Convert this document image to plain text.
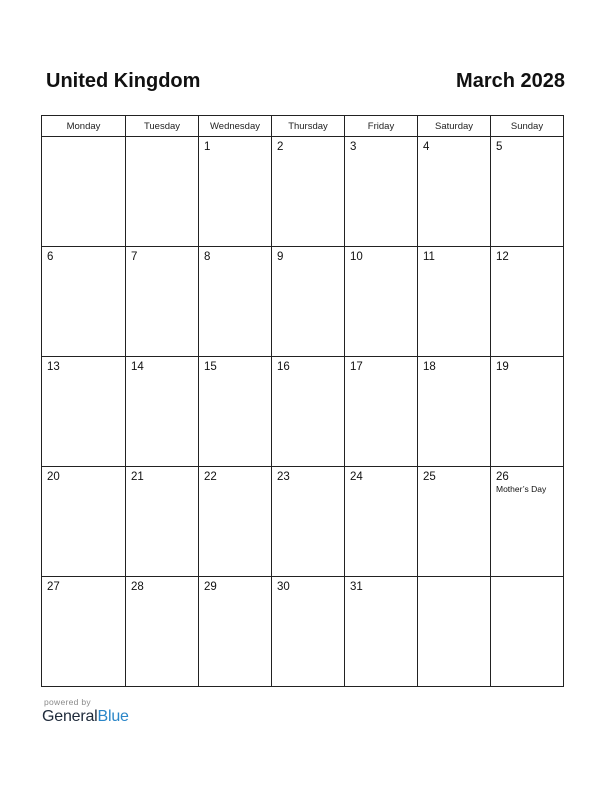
United Kingdom	March 2028
Monday	Tuesday	Wednesday	Thursday	Friday	Saturday	Sunday

		1	2	3	4	5

6	7	8	9	10	11	12

13	14	15	16	17	18	19

20	21	22	23	24	25	26
Mother’s Day

27	28	29	30	31		

powered by
GeneralBlue
